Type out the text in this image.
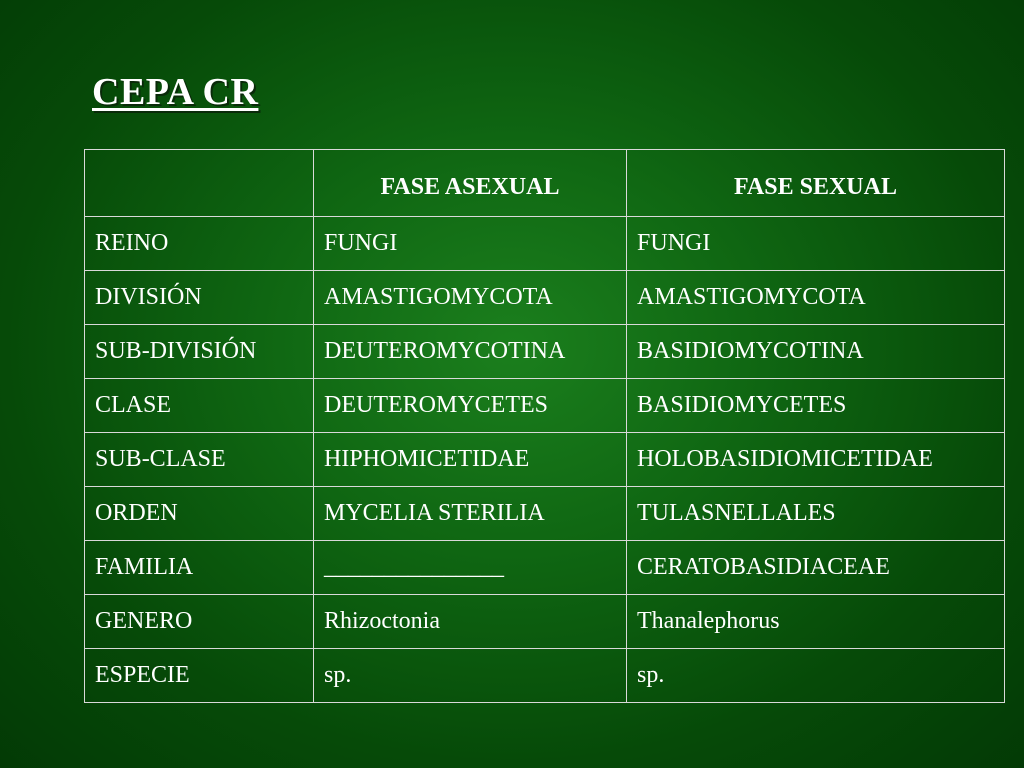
CEPA CR
	FASE ASEXUAL	FASE SEXUAL
REINO	FUNGI	FUNGI
DIVISIÓN	AMASTIGOMYCOTA	AMASTIGOMYCOTA
SUB-DIVISIÓN	DEUTEROMYCOTINA	BASIDIOMYCOTINA
CLASE	DEUTEROMYCETES	BASIDIOMYCETES
SUB-CLASE	HIPHOMICETIDAE	HOLOBASIDIOMICETIDAE
ORDEN	MYCELIA STERILIA	TULASNELLALES
FAMILIA	_______________	CERATOBASIDIACEAE
GENERO	Rhizoctonia	Thanalephorus
ESPECIE	sp.	sp.
